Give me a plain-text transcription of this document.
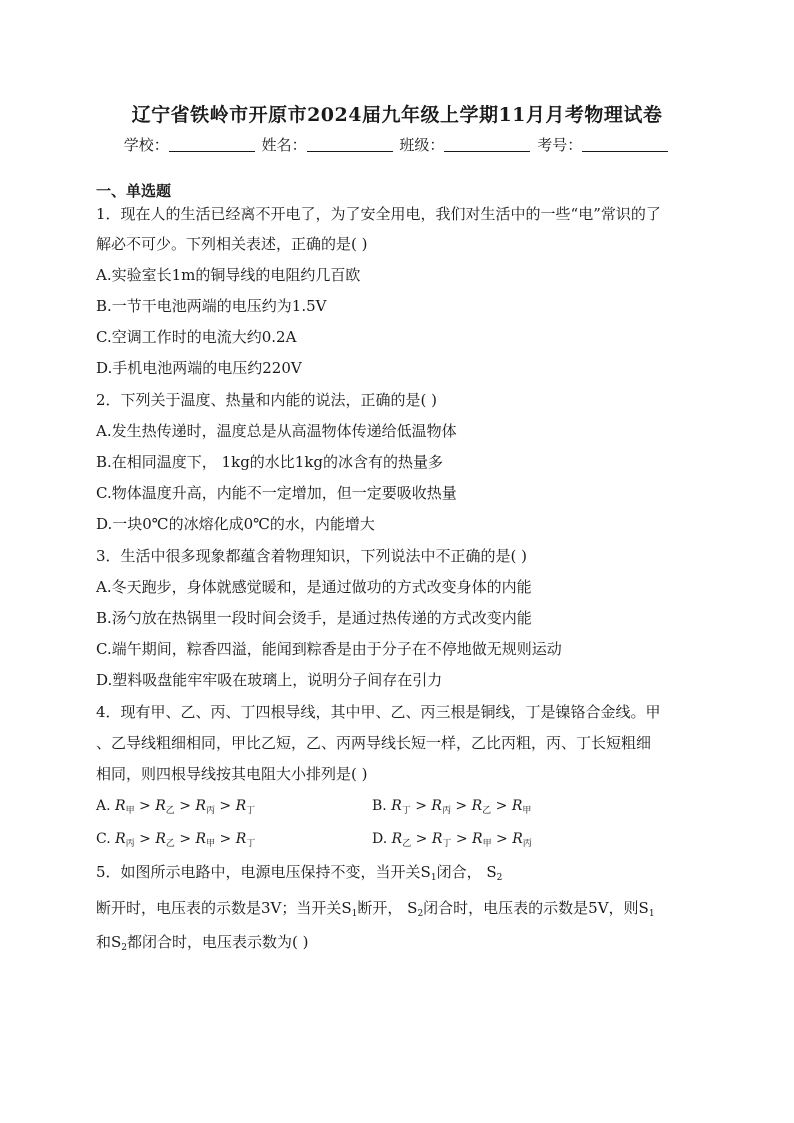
辽宁省铁岭市开原市2024届九年级上学期11月月考物理试卷
学校：	姓名：	班级：	考号：
一、单选题
1．现在人的生活已经离不开电了，为了安全用电，我们对生活中的一些“电”常识的了
解必不可少。下列相关表述，正确的是( )
A.实验室长1m的铜导线的电阻约几百欧
B.一节干电池两端的电压约为1.5V
C.空调工作时的电流大约0.2A
D.手机电池两端的电压约220V
2．下列关于温度、热量和内能的说法，正确的是( )
A.发生热传递时，温度总是从高温物体传递给低温物体
B.在相同温度下， 1kg的水比1kg的冰含有的热量多
C.物体温度升高，内能不一定增加，但一定要吸收热量
D.一块0℃的冰熔化成0℃的水，内能增大
3．生活中很多现象都蕴含着物理知识，下列说法中不正确的是( )
A.冬天跑步，身体就感觉暖和，是通过做功的方式改变身体的内能
B.汤勺放在热锅里一段时间会烫手，是通过热传递的方式改变内能
C.端午期间，粽香四溢，能闻到粽香是由于分子在不停地做无规则运动
D.塑料吸盘能牢牢吸在玻璃上，说明分子间存在引力
4．现有甲、乙、丙、丁四根导线，其中甲、乙、丙三根是铜线，丁是镍铬合金线。甲
、乙导线粗细相同，甲比乙短，乙、丙两导线长短一样，乙比丙粗，丙、丁长短粗细
相同，则四根导线按其电阻大小排列是( )
A. $R_甲 > R_乙 > R_丙 > R_丁$	B. $R_丁 > R_丙 > R_乙 > R_甲$
C. $R_丙 > R_乙 > R_甲 > R_丁$	D. $R_乙 > R_丁 > R_甲 > R_丙$
5．如图所示电路中，电源电压保持不变，当开关$S_1$闭合， $S_2$
断开时，电压表的示数是3V；当开关$S_1$断开， $S_2$闭合时，电压表的示数是5V，则$S_1$
和$S_2$都闭合时，电压表示数为( )
